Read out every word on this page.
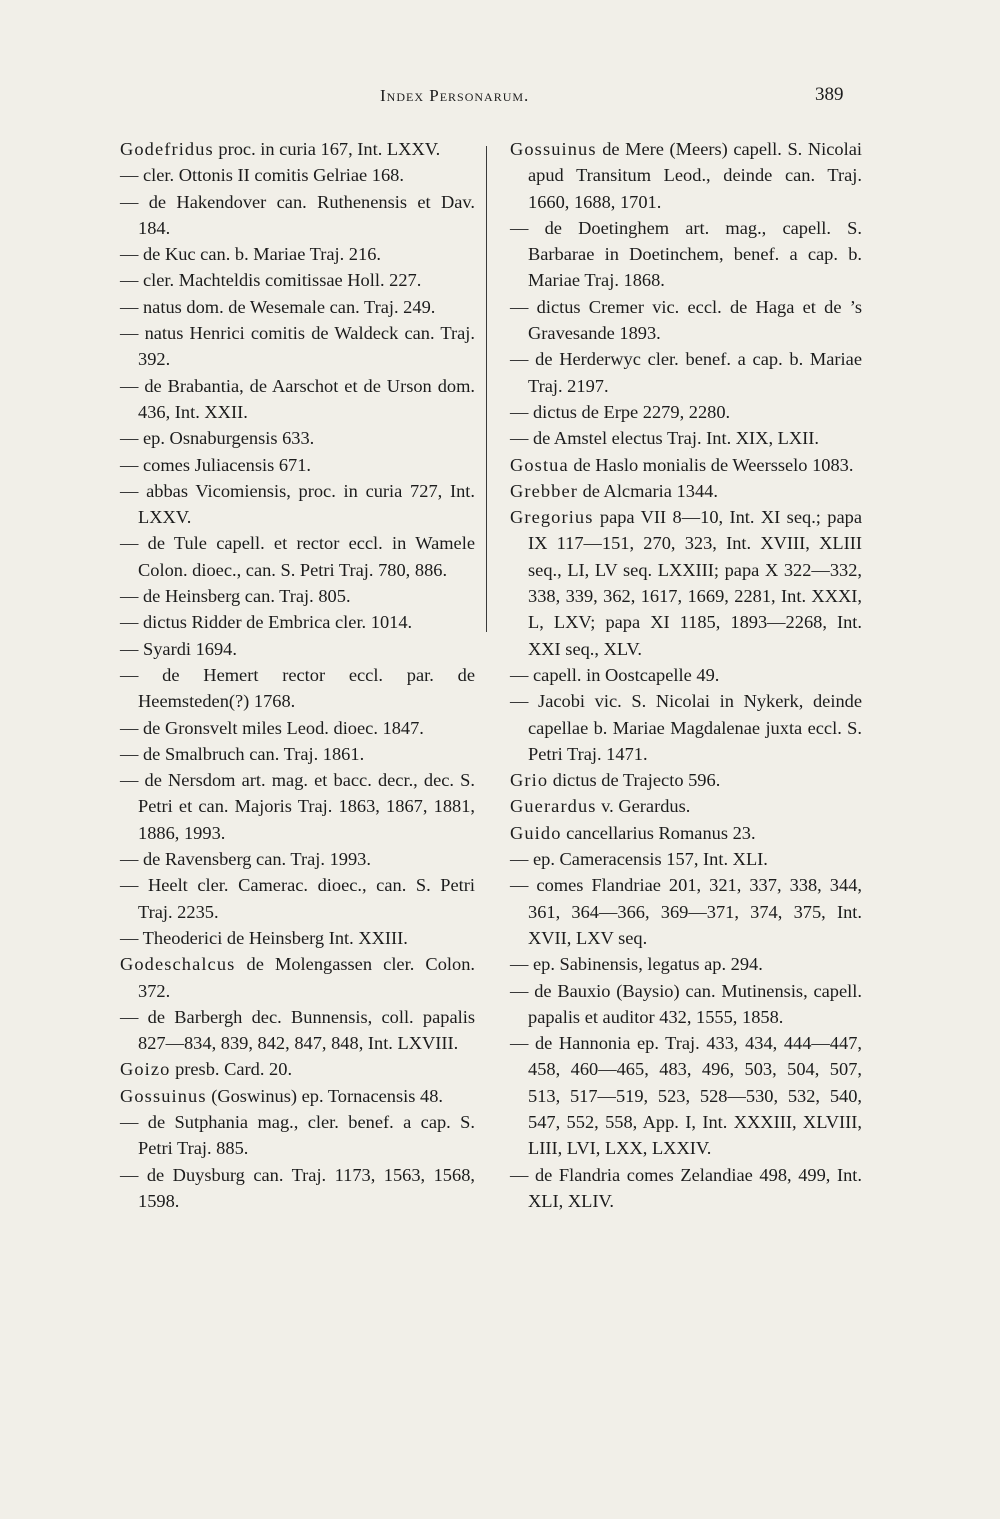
Index Personarum.	389

Godefridus proc. in curia 167, Int. LXXV.

— cler. Ottonis II comitis Gelriae 168.

— de Hakendover can. Ruthenensis et Dav. 184.

— de Kuc can. b. Mariae Traj. 216.

— cler. Machteldis comitissae Holl. 227.

— natus dom. de Wesemale can. Traj. 249.

— natus Henrici comitis de Waldeck can. Traj. 392.

— de Brabantia, de Aarschot et de Urson dom. 436, Int. XXII.

— ep. Osnaburgensis 633.

— comes Juliacensis 671.

— abbas Vicomiensis, proc. in curia 727, Int. LXXV.

— de Tule capell. et rector eccl. in Wamele Colon. dioec., can. S. Petri Traj. 780, 886.

— de Heinsberg can. Traj. 805.

— dictus Ridder de Embrica cler. 1014.

— Syardi 1694.

— de Hemert rector eccl. par. de Heemsteden(?) 1768.

— de Gronsvelt miles Leod. dioec. 1847.

— de Smalbruch can. Traj. 1861.

— de Nersdom art. mag. et bacc. decr., dec. S. Petri et can. Majoris Traj. 1863, 1867, 1881, 1886, 1993.

— de Ravensberg can. Traj. 1993.

— Heelt cler. Camerac. dioec., can. S. Petri Traj. 2235.

— Theoderici de Heinsberg Int. XXIII.

Godeschalcus de Molengassen cler. Colon. 372.

— de Barbergh dec. Bunnensis, coll. papalis 827—834, 839, 842, 847, 848, Int. LXVIII.

Goizo presb. Card. 20.

Gossuinus (Goswinus) ep. Tornacensis 48.

— de Sutphania mag., cler. benef. a cap. S. Petri Traj. 885.

— de Duysburg can. Traj. 1173, 1563, 1568, 1598.

Gossuinus de Mere (Meers) capell. S. Nicolai apud Transitum Leod., deinde can. Traj. 1660, 1688, 1701.

— de Doetinghem art. mag., capell. S. Barbarae in Doetinchem, benef. a cap. b. Mariae Traj. 1868.

— dictus Cremer vic. eccl. de Haga et de ’s Gravesande 1893.

— de Herderwyc cler. benef. a cap. b. Mariae Traj. 2197.

— dictus de Erpe 2279, 2280.

— de Amstel electus Traj. Int. XIX, LXII.

Gostua de Haslo monialis de Weersselo 1083.

Grebber de Alcmaria 1344.

Gregorius papa VII 8—10, Int. XI seq.; papa IX 117—151, 270, 323, Int. XVIII, XLIII seq., LI, LV seq. LXXIII; papa X 322—332, 338, 339, 362, 1617, 1669, 2281, Int. XXXI, L, LXV; papa XI 1185, 1893—2268, Int. XXI seq., XLV.

— capell. in Oostcapelle 49.

— Jacobi vic. S. Nicolai in Nykerk, deinde capellae b. Mariae Magdalenae juxta eccl. S. Petri Traj. 1471.

Grio dictus de Trajecto 596.

Guerardus v. Gerardus.

Guido cancellarius Romanus 23.

— ep. Cameracensis 157, Int. XLI.

— comes Flandriae 201, 321, 337, 338, 344, 361, 364—366, 369—371, 374, 375, Int. XVII, LXV seq.

— ep. Sabinensis, legatus ap. 294.

— de Bauxio (Baysio) can. Mutinensis, capell. papalis et auditor 432, 1555, 1858.

— de Hannonia ep. Traj. 433, 434, 444—447, 458, 460—465, 483, 496, 503, 504, 507, 513, 517—519, 523, 528—530, 532, 540, 547, 552, 558, App. I, Int. XXXIII, XLVIII, LIII, LVI, LXX, LXXIV.

— de Flandria comes Zelandiae 498, 499, Int. XLI, XLIV.
